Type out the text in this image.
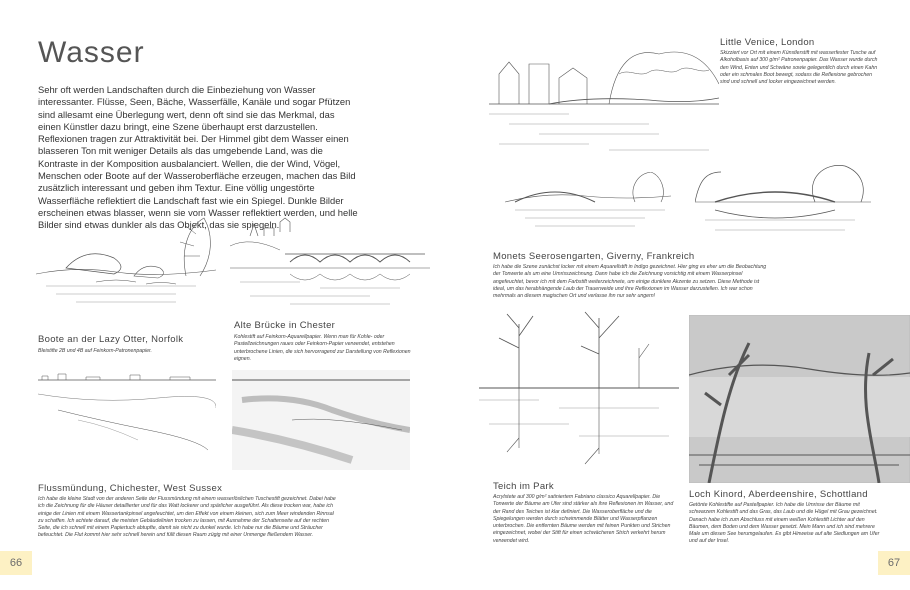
Wasser
Sehr oft werden Landschaften durch die Einbeziehung von Wasser interessanter. Flüsse, Seen, Bäche, Wasserfälle, Kanäle und sogar Pfützen sind allesamt eine Überlegung wert, denn oft sind sie das Merkmal, das einen Künstler dazu bringt, eine Szene überhaupt erst darzustellen. Reflexionen tragen zur Attraktivität bei. Der Himmel gibt dem Wasser einen blasseren Ton mit weniger Details als das umgebende Land, was die Kontraste in der Komposition ausbalanciert. Wellen, die der Wind, Vögel, Menschen oder Boote auf der Wasseroberfläche erzeugen, machen das Bild zusätzlich interessant und geben ihm Textur. Eine völlig ungestörte Wasserfläche reflektiert die Landschaft fast wie ein Spiegel. Dunkle Bilder erscheinen etwas blasser, wenn sie vom Wasser reflektiert werden, und helle Bilder sind etwas dunkler als das Objekt, das sie spiegeln.
Boote an der Lazy Otter, Norfolk
Bleistifte 2B und 4B auf Feinkorn-Patronenpapier.
Alte Brücke in Chester
Kohlestift auf Feinkorn-Aquarellpapier. Wenn man für Kohle- oder Pastellzeichnungen raues oder Feinkorn-Papier verwendet, entstehen unterbrochene Linien, die sich hervorragend zur Darstellung von Reflexionen eignen.
Flussmündung, Chichester, West Sussex
Ich habe die kleine Stadt von der anderen Seite der Flussmündung mit einem wasserlöslichen Tuschestift gezeichnet. Dabei habe ich die Zeichnung für die Häuser detaillierter und für das Watt lockerer und spärlicher ausgeführt. Als diese trocken war, habe ich einige der Linien mit einem Wassertankpinsel angefeuchtet, um den Effekt von einem kleinen, sich zum Meer windenden Rinnsal zu schaffen. Ich achtete darauf, die meisten Gebäudelinien trocken zu lassen, mit Ausnahme der Schattenseite auf der rechten Seite, die ich schnell mit einem Papiertuch abtupfte, damit sie nicht zu dunkel wurde. Ich habe nur die Bäume und Sträucher befeuchtet. Die Flut kommt hier sehr schnell herein und füllt diesen Raum zügig mit einer Unmenge fließendem Wasser.
66
Little Venice, London
Skizziert vor Ort mit einem Künstlerstift mit wasserfester Tusche auf Alkoholbasis auf 300 g/m² Patronenpapier. Das Wasser wurde durch den Wind, Enten und Schwäne sowie gelegentlich durch einen Kahn oder ein schmales Boot bewegt, sodass die Reflexione gebrochen sind und schnell und locker eingezeichnet werden.
Monets Seerosengarten, Giverny, Frankreich
Ich habe die Szene zunächst locker mit einem Aquarellstift in Indigo gezeichnet. Hier ging es eher um die Beobachtung der Tonwerte als um eine Umrisszeichnung. Dann habe ich die Zeichnung vorsichtig mit einem Wasserpinsel angefeuchtet, bevor ich mit dem Farbstift weiterzeichnete, um einige dunklere Akzente zu setzen. Diese Methode ist ideal, um das herabhängende Laub der Trauerweide und ihre Reflexionen im Wasser darzustellen. Ich war schon mehrmals an diesem magischen Ort und verlasse ihn nur sehr ungern!
Teich im Park
Acrylstete auf 300 g/m² satiniertem Fabriano classico Aquarellpapier. Die Tonwerte der Bäume am Ufer sind stärker als ihre Reflexionen im Wasser, und der Rand des Teiches ist klar definiert. Die Wasseroberfläche und die Spiegelungen werden durch schwimmende Blätter und Wasserpflanzen unterbrochen. Die entfernten Bäume werden mit feinen Punkten und Strichen eingezeichnet, wobei der Stift für einen schwächeren Strich verkehrt herum verwendet wird.
Loch Kinord, Aberdeenshire, Schottland
Getönte Kohlestifte auf Pastellpapier. Ich habe die Umrisse der Bäume mit schwarzem Kohlestift und das Gras, das Laub und die Hügel mit Grau gezeichnet. Danach habe ich zum Abschluss mit einem weißen Kohlestift Lichter auf den Bäumen, dem Boden und dem Wasser gesetzt. Mein Mann und ich sind mehrere Male um diesen See herumgelaufen. Es gibt Hinweise auf alte Siedlungen am Ufer und auf der Insel.
67
